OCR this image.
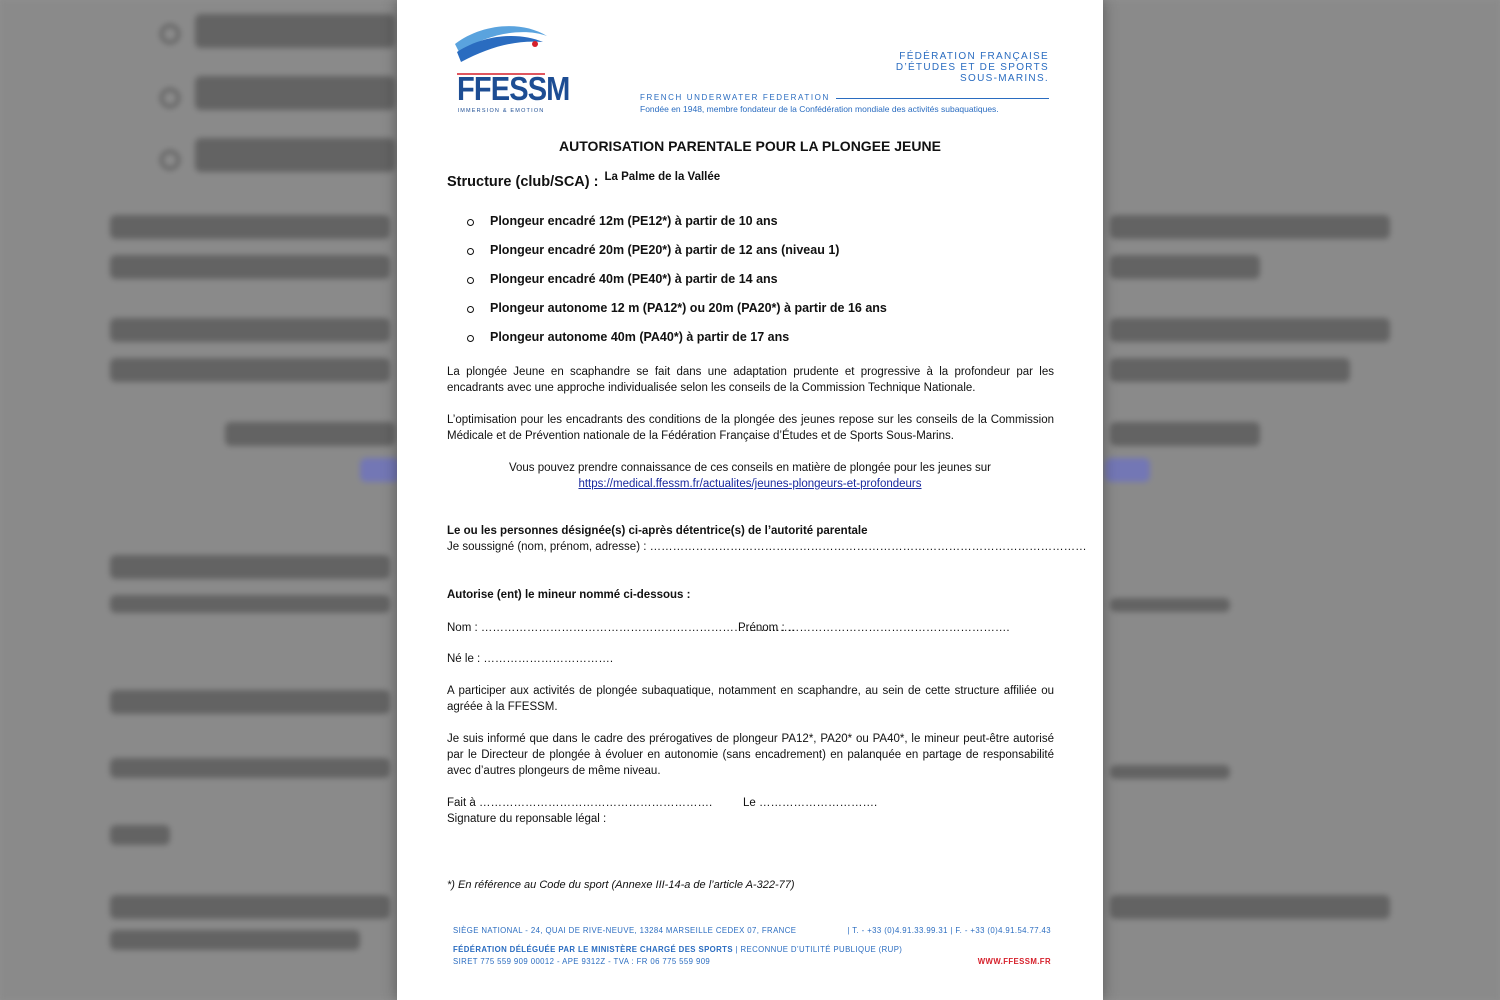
FFESSM
IMMERSION & EMOTION
FÉDÉRATION FRANÇAISE
D’ÉTUDES ET DE SPORTS
SOUS-MARINS.
FRENCH UNDERWATER FEDERATION
Fondée en 1948, membre fondateur de la Confédération mondiale des activités subaquatiques.
AUTORISATION PARENTALE POUR LA PLONGEE JEUNE
Structure (club/SCA) : $^{La Palme de la Vallée}$
Plongeur encadré 12m (PE12*) à partir de 10 ans
Plongeur encadré 20m (PE20*) à partir de 12 ans (niveau 1)
Plongeur encadré 40m (PE40*) à partir de 14 ans
Plongeur autonome 12 m (PA12*) ou 20m (PA20*) à partir de 16 ans
Plongeur autonome 40m (PA40*) à partir de 17 ans
La plongée Jeune en scaphandre se fait dans une adaptation prudente et progressive à la profondeur par les encadrants avec une approche individualisée selon les conseils de la Commission Technique Nationale.
L’optimisation pour les encadrants des conditions de la plongée des jeunes repose sur les conseils de la Commission Médicale et de Prévention nationale de la Fédération Française d’Études et de Sports Sous-Marins.
Vous pouvez prendre connaissance de ces conseils en matière de plongée pour les jeunes sur
https://medical.ffessm.fr/actualites/jeunes-plongeurs-et-profondeurs
Le ou les personnes désignée(s) ci-après détentrice(s) de l’autorité parentale
Je soussigné (nom, prénom, adresse) : ……………………………………………………………………………………………………
Autorise (ent) le mineur nommé ci-dessous :
Nom : ……………………………………………………………………….
Prénom : ………………………………………………….
Né le : …………………………….
A participer aux activités de plongée subaquatique, notamment en scaphandre, au sein de cette structure affiliée ou agréée à la FFESSM.
Je suis informé que dans le cadre des prérogatives de plongeur PA12*, PA20* ou PA40*, le mineur peut-être autorisé par le Directeur de plongée à évoluer en autonomie (sans encadrement) en palanquée en partage de responsabilité avec d’autres plongeurs de même niveau.
Fait à …………………………………………………….	Le ………………………….
Signature du reponsable légal :
*) En référence au Code du sport (Annexe III-14-a de l’article A-322-77)
SIÈGE NATIONAL - 24, QUAI DE RIVE-NEUVE, 13284 MARSEILLE CEDEX 07, FRANCE	| T. - +33 (0)4.91.33.99.31 | F. - +33 (0)4.91.54.77.43
FÉDÉRATION DÉLÉGUÉE PAR LE MINISTÈRE CHARGÉ DES SPORTS | RECONNUE D’UTILITÉ PUBLIQUE (RUP)
SIRET 775 559 909 00012 - APE 9312Z - TVA : FR 06 775 559 909	WWW.FFESSM.FR
